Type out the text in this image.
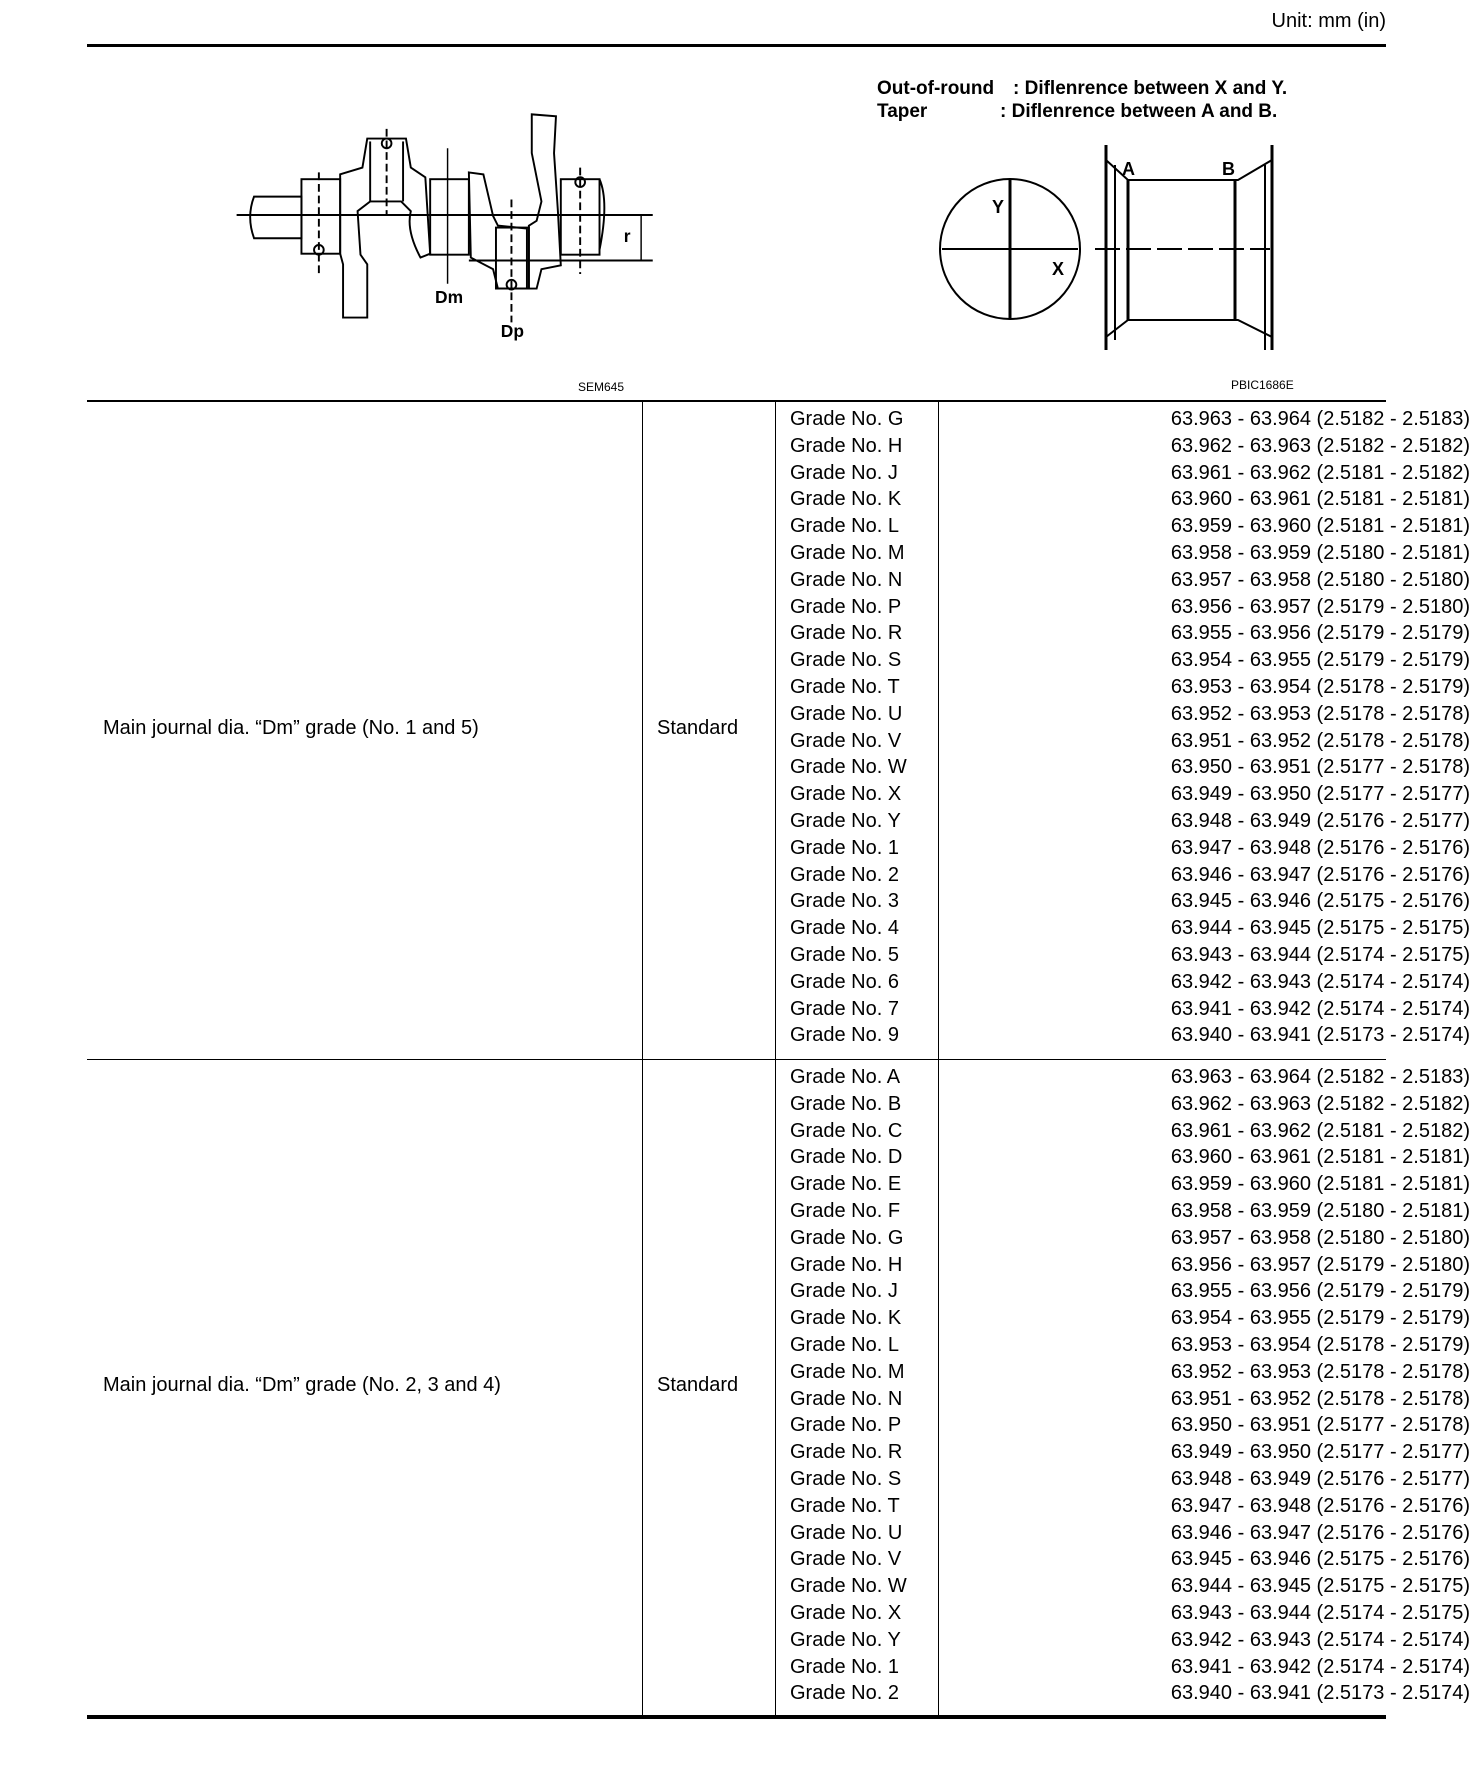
Unit: mm (in)
Dm
Dp
r
SEM645
Out-of-round : Diflenrence between X and Y.
Taper	: Diflenrence between A and B.
Y
X
A	B
PBIC1686E
Main journal dia. “Dm” grade (No. 1 and 5)	Standard
Grade No. G	63.963 - 63.964 (2.5182 - 2.5183)
Grade No. H	63.962 - 63.963 (2.5182 - 2.5182)
Grade No. J	63.961 - 63.962 (2.5181 - 2.5182)
Grade No. K	63.960 - 63.961 (2.5181 - 2.5181)
Grade No. L	63.959 - 63.960 (2.5181 - 2.5181)
Grade No. M	63.958 - 63.959 (2.5180 - 2.5181)
Grade No. N	63.957 - 63.958 (2.5180 - 2.5180)
Grade No. P	63.956 - 63.957 (2.5179 - 2.5180)
Grade No. R	63.955 - 63.956 (2.5179 - 2.5179)
Grade No. S	63.954 - 63.955 (2.5179 - 2.5179)
Grade No. T	63.953 - 63.954 (2.5178 - 2.5179)
Grade No. U	63.952 - 63.953 (2.5178 - 2.5178)
Grade No. V	63.951 - 63.952 (2.5178 - 2.5178)
Grade No. W	63.950 - 63.951 (2.5177 - 2.5178)
Grade No. X	63.949 - 63.950 (2.5177 - 2.5177)
Grade No. Y	63.948 - 63.949 (2.5176 - 2.5177)
Grade No. 1	63.947 - 63.948 (2.5176 - 2.5176)
Grade No. 2	63.946 - 63.947 (2.5176 - 2.5176)
Grade No. 3	63.945 - 63.946 (2.5175 - 2.5176)
Grade No. 4	63.944 - 63.945 (2.5175 - 2.5175)
Grade No. 5	63.943 - 63.944 (2.5174 - 2.5175)
Grade No. 6	63.942 - 63.943 (2.5174 - 2.5174)
Grade No. 7	63.941 - 63.942 (2.5174 - 2.5174)
Grade No. 9	63.940 - 63.941 (2.5173 - 2.5174)
Main journal dia. “Dm” grade (No. 2, 3 and 4)	Standard
Grade No. A	63.963 - 63.964 (2.5182 - 2.5183)
Grade No. B	63.962 - 63.963 (2.5182 - 2.5182)
Grade No. C	63.961 - 63.962 (2.5181 - 2.5182)
Grade No. D	63.960 - 63.961 (2.5181 - 2.5181)
Grade No. E	63.959 - 63.960 (2.5181 - 2.5181)
Grade No. F	63.958 - 63.959 (2.5180 - 2.5181)
Grade No. G	63.957 - 63.958 (2.5180 - 2.5180)
Grade No. H	63.956 - 63.957 (2.5179 - 2.5180)
Grade No. J	63.955 - 63.956 (2.5179 - 2.5179)
Grade No. K	63.954 - 63.955 (2.5179 - 2.5179)
Grade No. L	63.953 - 63.954 (2.5178 - 2.5179)
Grade No. M	63.952 - 63.953 (2.5178 - 2.5178)
Grade No. N	63.951 - 63.952 (2.5178 - 2.5178)
Grade No. P	63.950 - 63.951 (2.5177 - 2.5178)
Grade No. R	63.949 - 63.950 (2.5177 - 2.5177)
Grade No. S	63.948 - 63.949 (2.5176 - 2.5177)
Grade No. T	63.947 - 63.948 (2.5176 - 2.5176)
Grade No. U	63.946 - 63.947 (2.5176 - 2.5176)
Grade No. V	63.945 - 63.946 (2.5175 - 2.5176)
Grade No. W	63.944 - 63.945 (2.5175 - 2.5175)
Grade No. X	63.943 - 63.944 (2.5174 - 2.5175)
Grade No. Y	63.942 - 63.943 (2.5174 - 2.5174)
Grade No. 1	63.941 - 63.942 (2.5174 - 2.5174)
Grade No. 2	63.940 - 63.941 (2.5173 - 2.5174)
